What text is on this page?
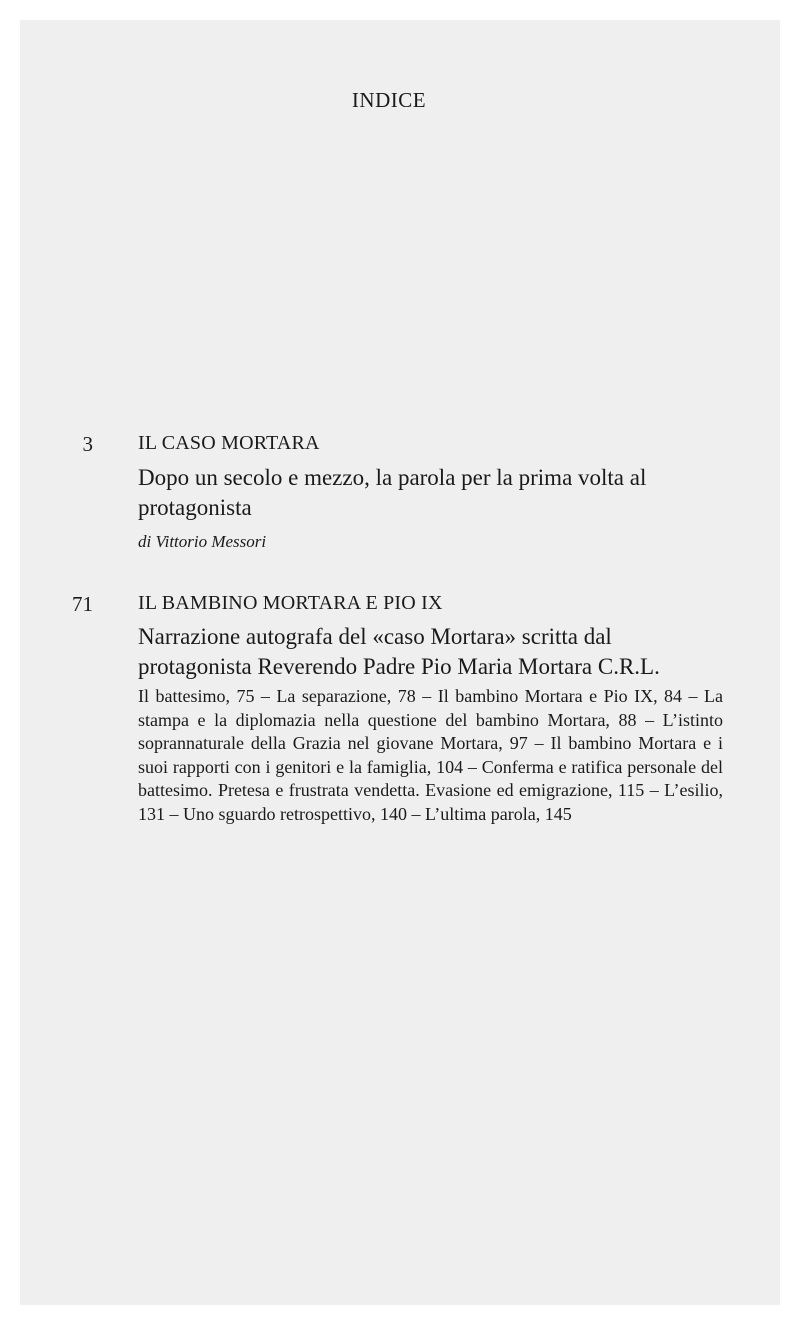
INDICE
3 IL CASO MORTARA
Dopo un secolo e mezzo, la parola per la prima volta al protagonista
di Vittorio Messori
71 IL BAMBINO MORTARA E PIO IX
Narrazione autografa del «caso Mortara» scritta dal protagonista Reverendo Padre Pio Maria Mortara C.R.L.
Il battesimo, 75 – La separazione, 78 – Il bambino Mortara e Pio IX, 84 – La stampa e la diplomazia nella questione del bambino Mortara, 88 – L’istinto soprannaturale della Grazia nel giovane Mortara, 97 – Il bambino Mortara e i suoi rapporti con i genitori e la famiglia, 104 – Conferma e ratifica personale del battesimo. Pretesa e frustrata vendetta. Evasione ed emigrazione, 115 – L’esilio, 131 – Uno sguardo retrospettivo, 140 – L’ultima parola, 145
